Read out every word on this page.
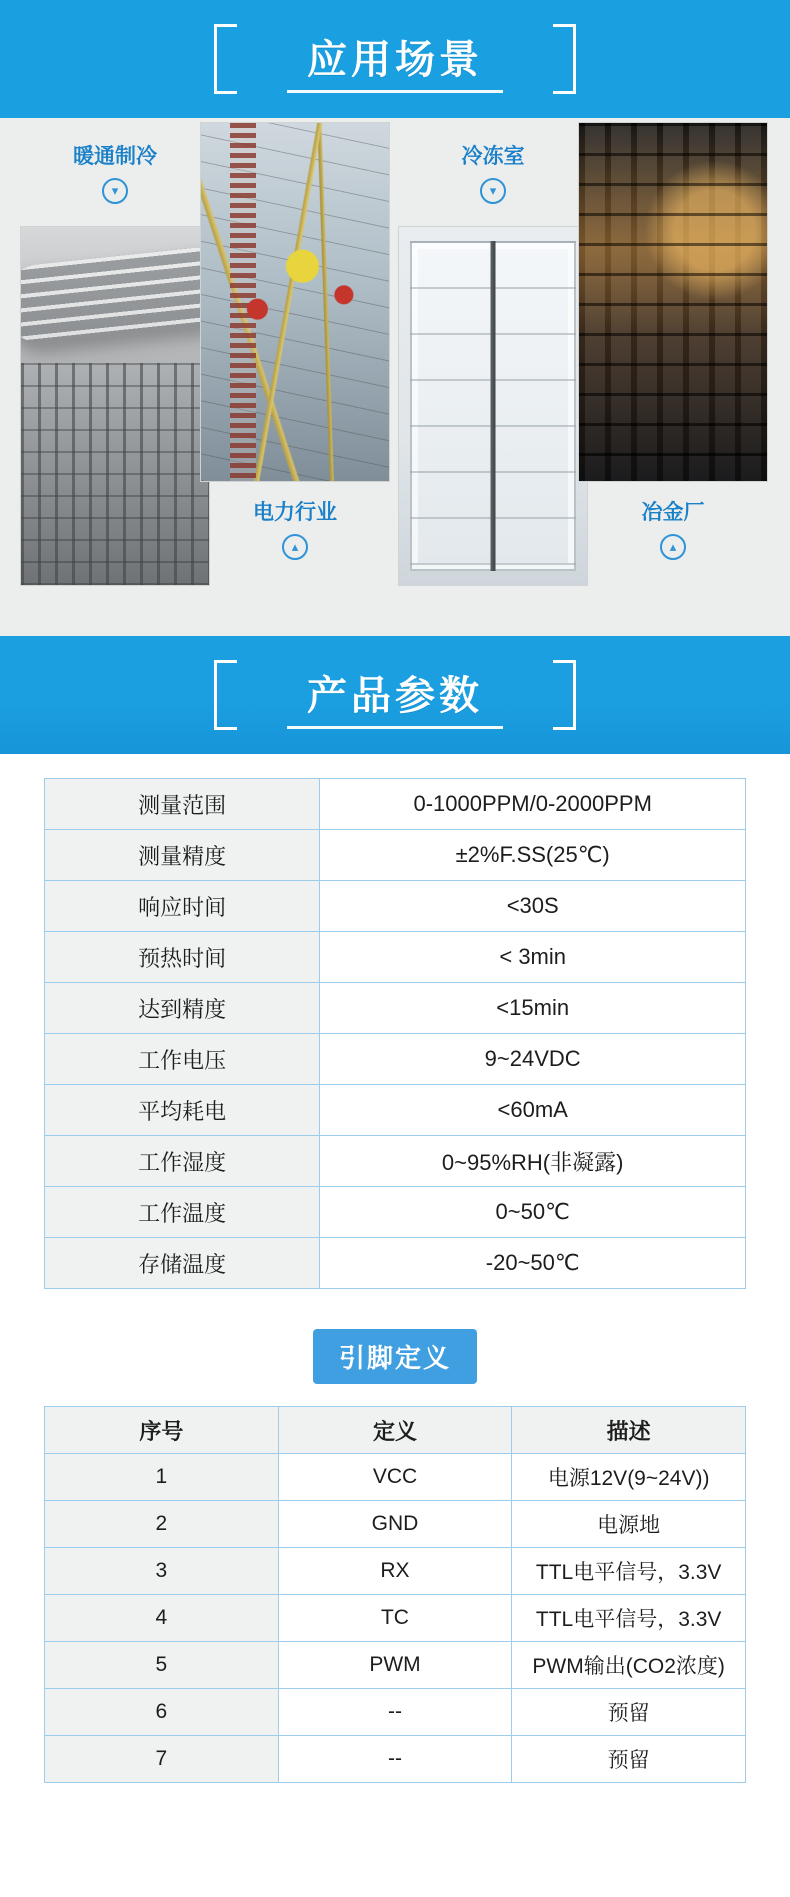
应用场景
暖通制冷
▾
电力行业
▴
冷冻室
▾
冶金厂
▴
产品参数
测量范围	0-1000PPM/0-2000PPM
测量精度	±2%F.SS(25℃)
响应时间	<30S
预热时间	< 3min
达到精度	<15min
工作电压	9~24VDC
平均耗电	<60mA
工作湿度	0~95%RH(非凝露)
工作温度	0~50℃
存储温度	-20~50℃
引脚定义
序号	定义	描述
1	VCC	电源12V(9~24V))
2	GND	电源地
3	RX	TTL电平信号，3.3V
4	TC	TTL电平信号，3.3V
5	PWM	PWM输出(CO2浓度)
6	--	预留
7	--	预留
